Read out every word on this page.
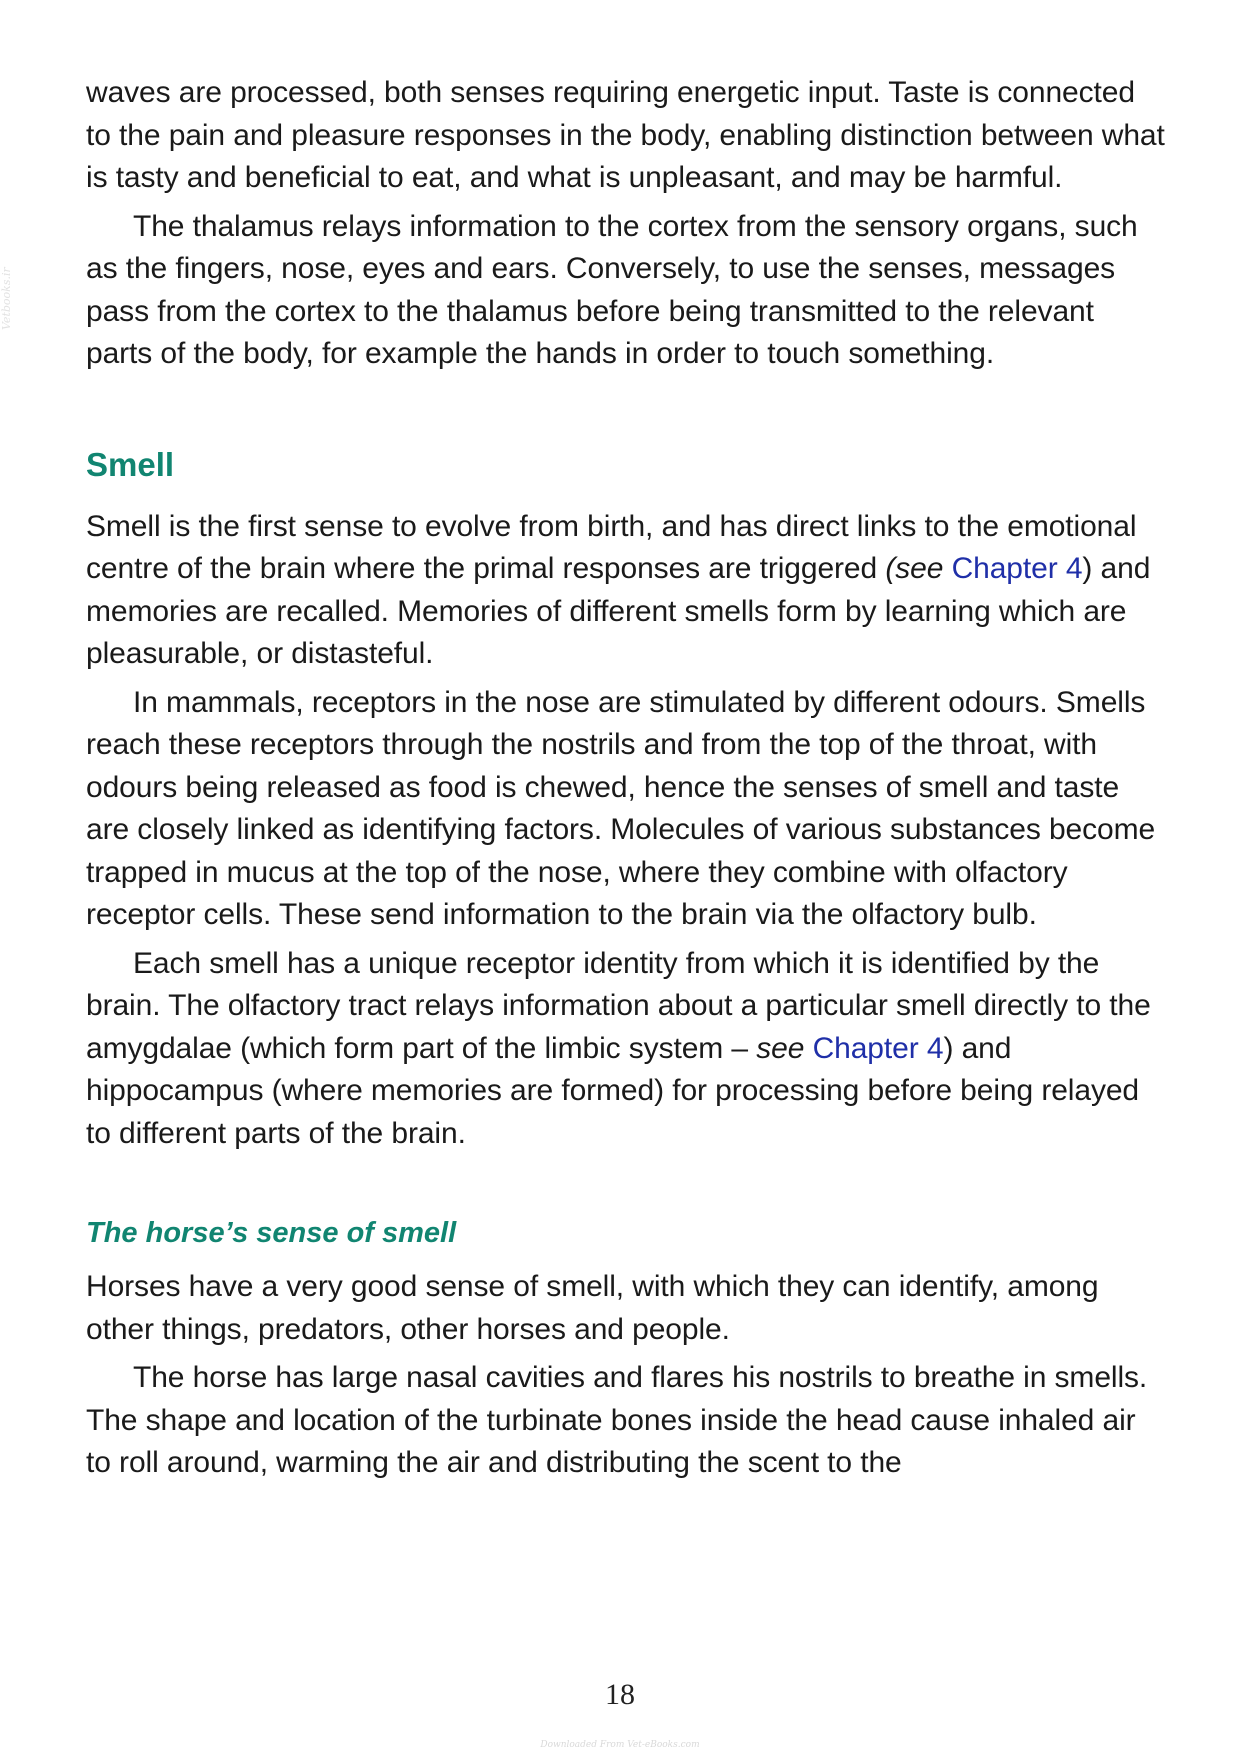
Vetbooks.ir

waves are processed, both senses requiring energetic input. Taste is connected to the pain and pleasure responses in the body, enabling distinction between what is tasty and beneficial to eat, and what is unpleasant, and may be harmful.

The thalamus relays information to the cortex from the sensory organs, such as the fingers, nose, eyes and ears. Conversely, to use the senses, messages pass from the cortex to the thalamus before being transmitted to the relevant parts of the body, for example the hands in order to touch something.

Smell

Smell is the first sense to evolve from birth, and has direct links to the emotional centre of the brain where the primal responses are triggered (see Chapter 4) and memories are recalled. Memories of different smells form by learning which are pleasurable, or distasteful.

In mammals, receptors in the nose are stimulated by different odours. Smells reach these receptors through the nostrils and from the top of the throat, with odours being released as food is chewed, hence the senses of smell and taste are closely linked as identifying factors. Molecules of various substances become trapped in mucus at the top of the nose, where they combine with olfactory receptor cells. These send information to the brain via the olfactory bulb.

Each smell has a unique receptor identity from which it is identified by the brain. The olfactory tract relays information about a particular smell directly to the amygdalae (which form part of the limbic system – see Chapter 4) and hippocampus (where memories are formed) for processing before being relayed to different parts of the brain.

The horse’s sense of smell

Horses have a very good sense of smell, with which they can identify, among other things, predators, other horses and people.

The horse has large nasal cavities and flares his nostrils to breathe in smells. The shape and location of the turbinate bones inside the head cause inhaled air to roll around, warming the air and distributing the scent to the

18
Downloaded From Vet-eBooks.com
